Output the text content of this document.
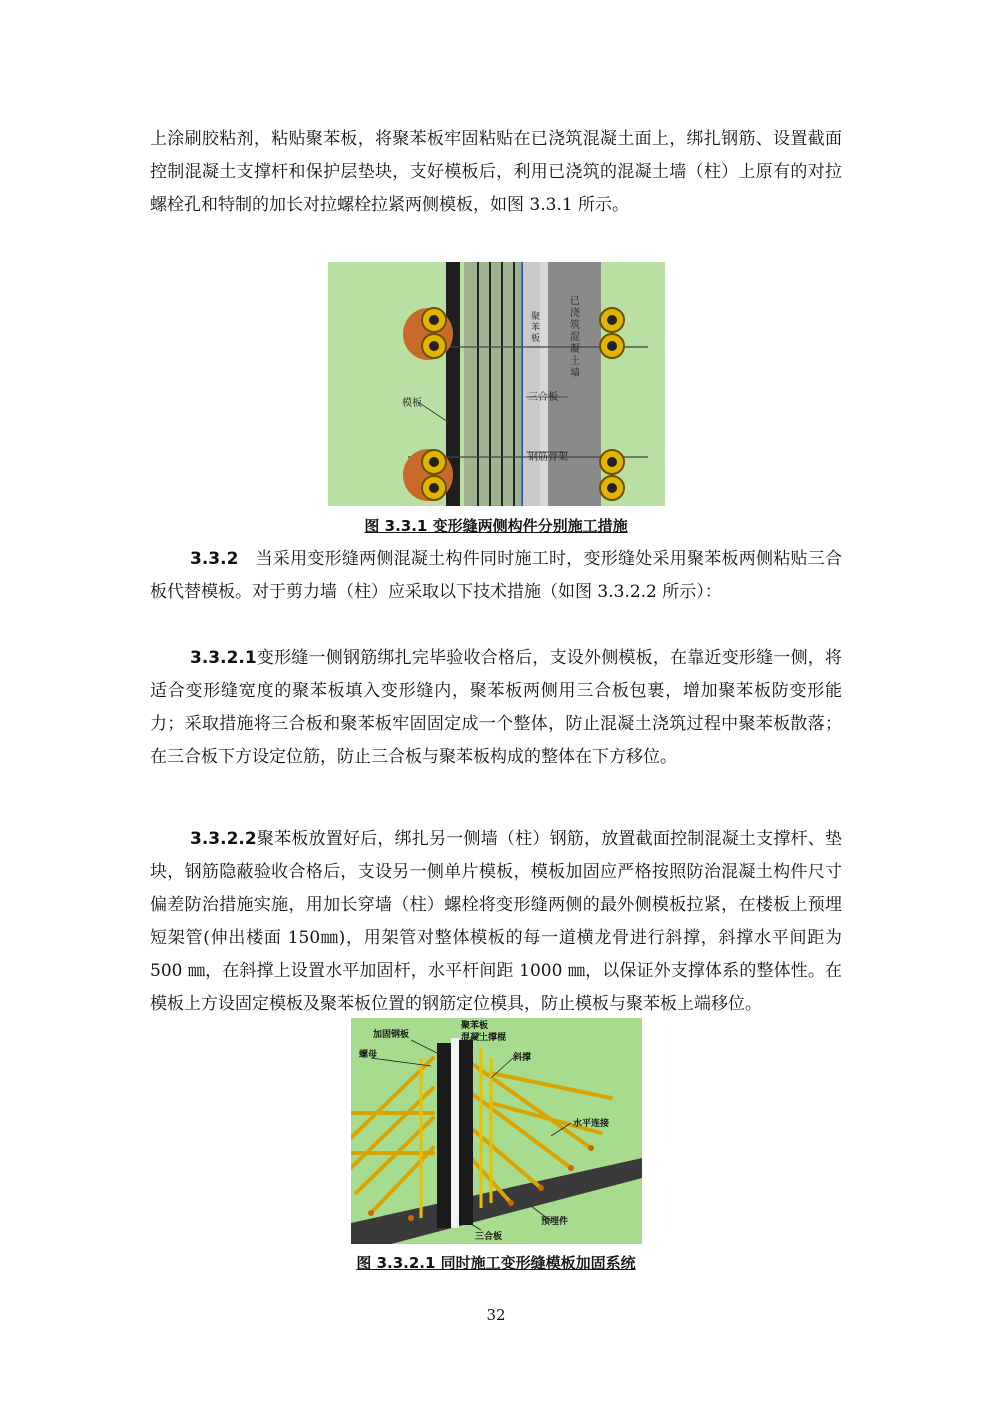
上涂刷胶粘剂，粘贴聚苯板，将聚苯板牢固粘贴在已浇筑混凝土面上，绑扎钢筋、设置截面控制混凝土支撑杆和保护层垫块，支好模板后，利用已浇筑的混凝土墙（柱）上原有的对拉螺栓孔和特制的加长对拉螺栓拉紧两侧模板，如图 3.3.1 所示。

已浇筑混凝土墙
聚苯板
模板
三合板
钢筋骨架
图 3.3.1 变形缝两侧构件分别施工措施

3.3.2  当采用变形缝两侧混凝土构件同时施工时，变形缝处采用聚苯板两侧粘贴三合板代替模板。对于剪力墙（柱）应采取以下技术措施（如图 3.3.2.2 所示）：

3.3.2.1变形缝一侧钢筋绑扎完毕验收合格后，支设外侧模板，在靠近变形缝一侧，将适合变形缝宽度的聚苯板填入变形缝内，聚苯板两侧用三合板包裹，增加聚苯板防变形能力；采取措施将三合板和聚苯板牢固固定成一个整体，防止混凝土浇筑过程中聚苯板散落；在三合板下方设定位筋，防止三合板与聚苯板构成的整体在下方移位。

3.3.2.2聚苯板放置好后，绑扎另一侧墙（柱）钢筋，放置截面控制混凝土支撑杆、垫块，钢筋隐蔽验收合格后，支设另一侧单片模板，模板加固应严格按照防治混凝土构件尺寸偏差防治措施实施，用加长穿墙（柱）螺栓将变形缝两侧的最外侧模板拉紧，在楼板上预埋短架管(伸出楼面 150㎜)，用架管对整体模板的每一道横龙骨进行斜撑，斜撑水平间距为 500 ㎜，在斜撑上设置水平加固杆，水平杆间距 1000 ㎜，以保证外支撑体系的整体性。在模板上方设固定模板及聚苯板位置的钢筋定位模具，防止模板与聚苯板上端移位。

加固钢板
螺母
聚苯板
混凝土撑棍
斜撑
水平连接
预埋件
三合板
图 3.3.2.1 同时施工变形缝模板加固系统
32
